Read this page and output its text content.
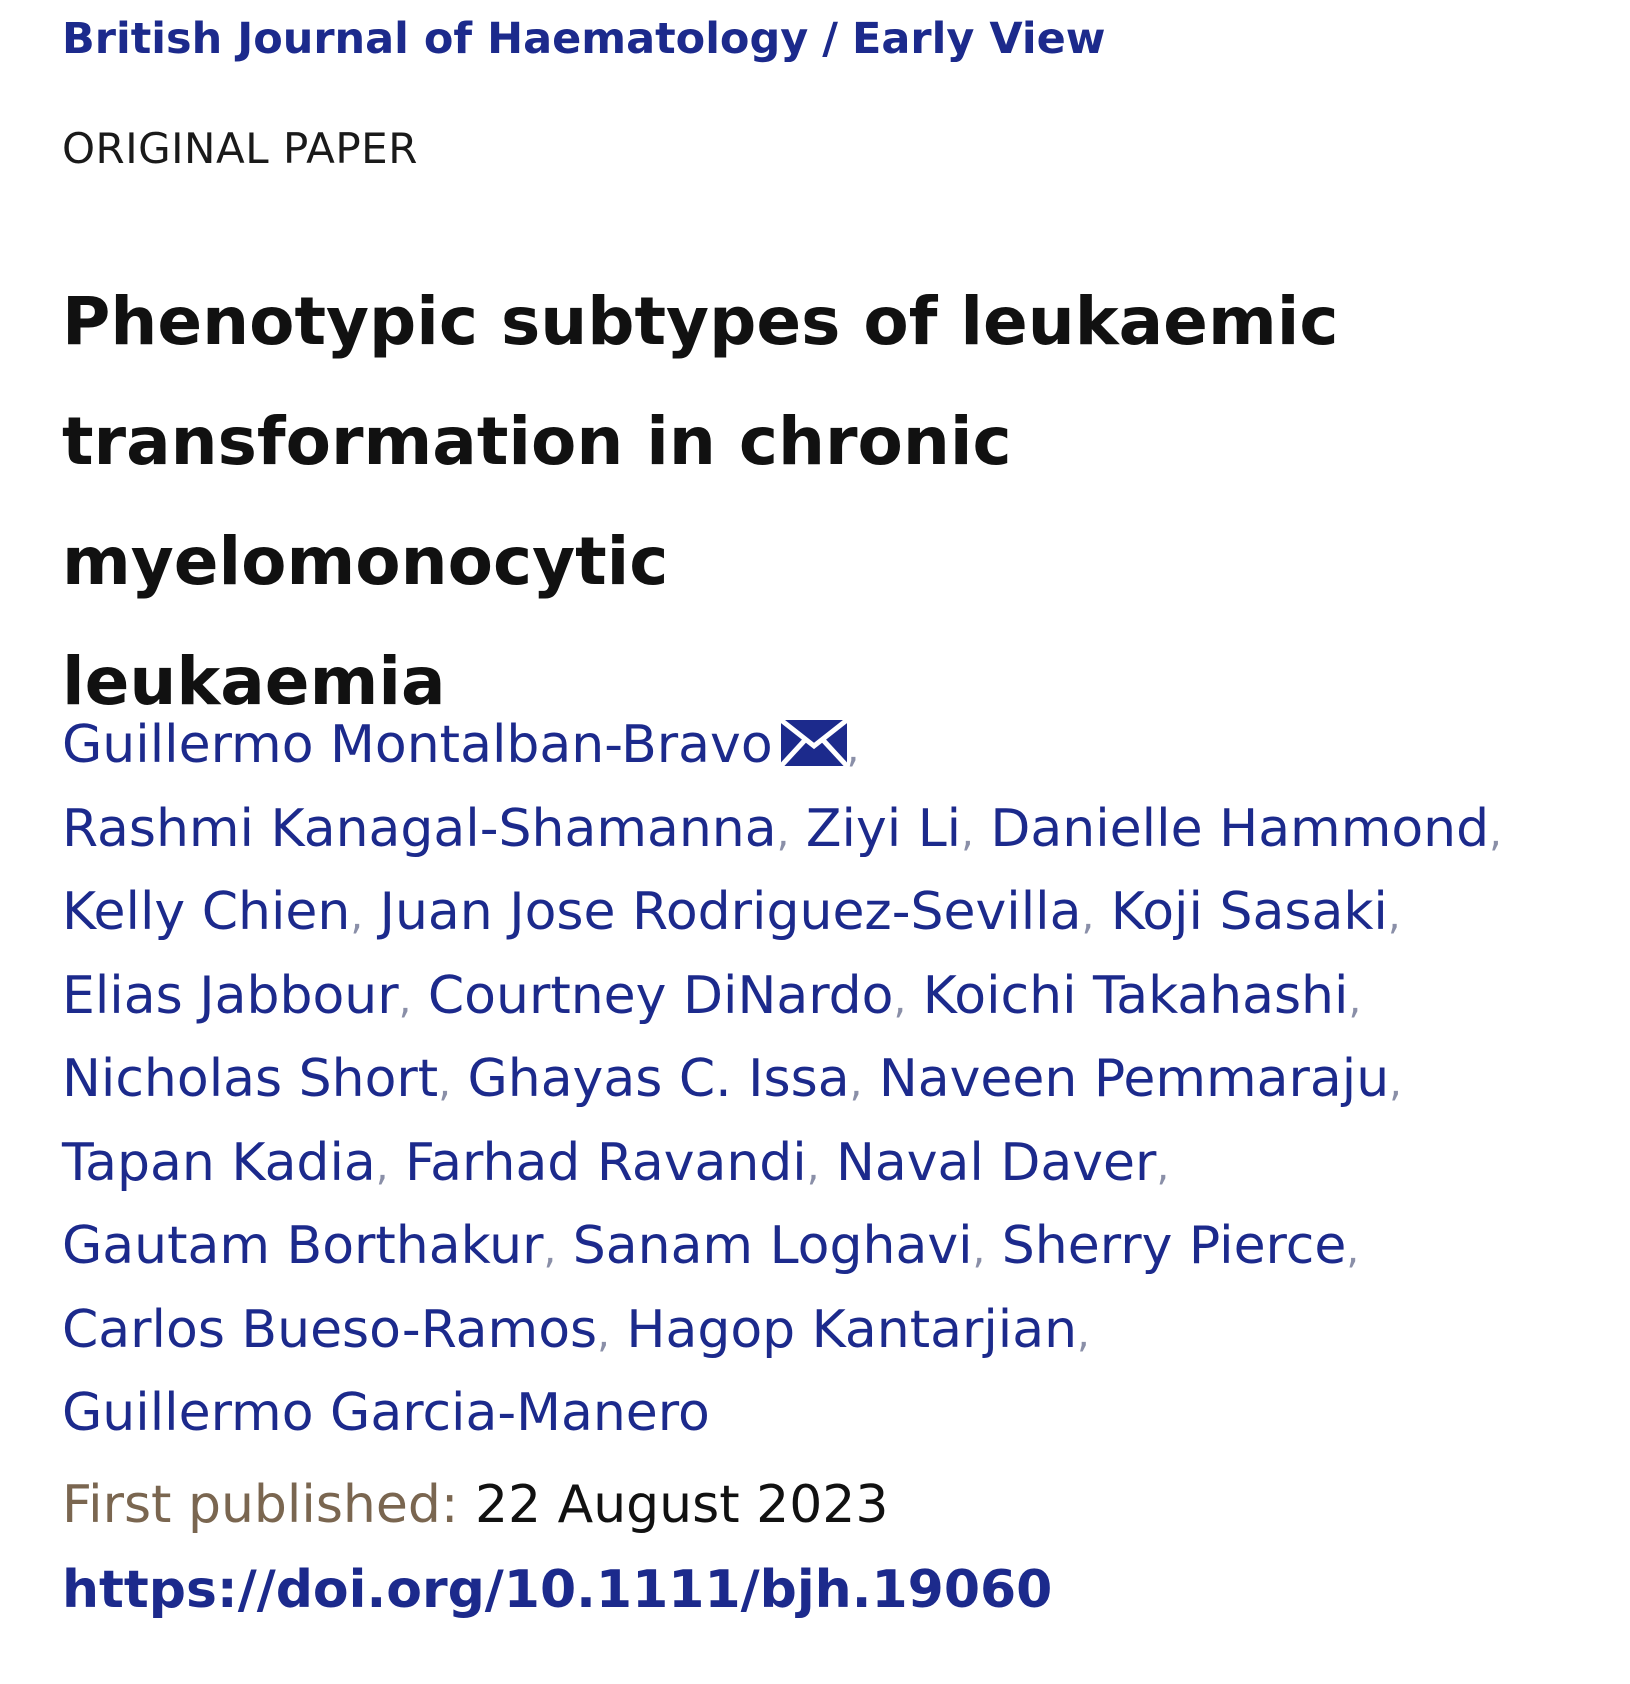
British Journal of Haematology / Early View
ORIGINAL PAPER
Phenotypic subtypes of leukaemic
transformation in chronic myelomonocytic
leukaemia
Guillermo Montalban-Bravo ,
Rashmi Kanagal-Shamanna, Ziyi Li, Danielle Hammond,
Kelly Chien, Juan Jose Rodriguez-Sevilla, Koji Sasaki,
Elias Jabbour, Courtney DiNardo, Koichi Takahashi,
Nicholas Short, Ghayas C. Issa, Naveen Pemmaraju,
Tapan Kadia, Farhad Ravandi, Naval Daver,
Gautam Borthakur, Sanam Loghavi, Sherry Pierce,
Carlos Bueso-Ramos, Hagop Kantarjian,
Guillermo Garcia-Manero
First published: 22 August 2023
https://doi.org/10.1111/bjh.19060
